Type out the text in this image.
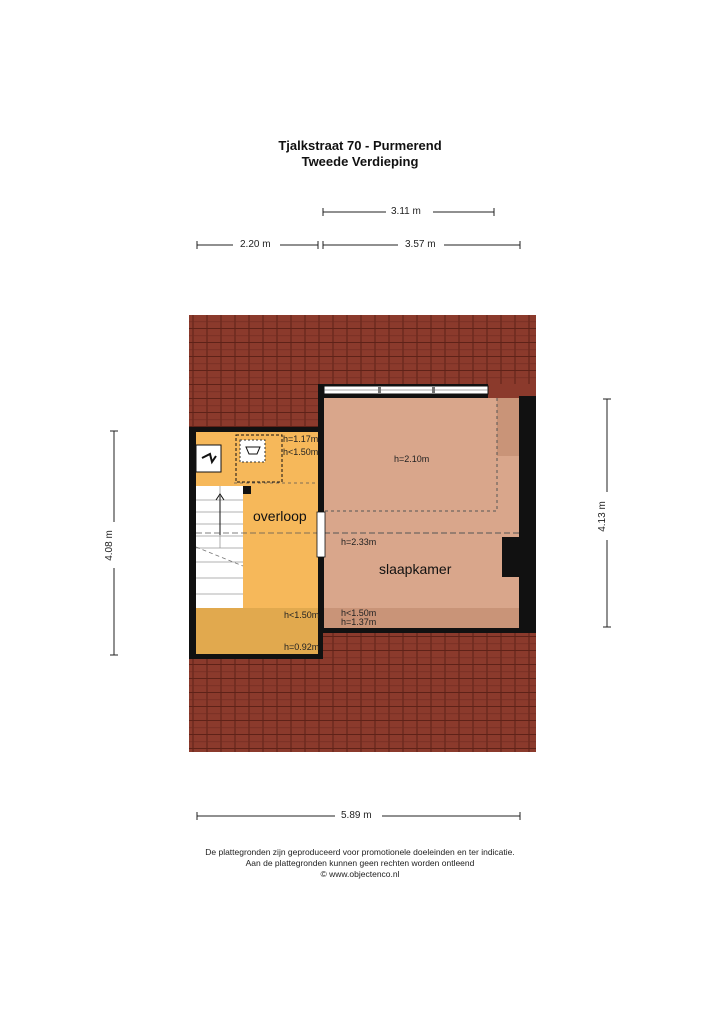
Tjalkstraat 70 - Purmerend
Tweede Verdieping
3.11 m
2.20 m	3.57 m
4.08 m
4.13 m
5.89 m
overloop
slaapkamer
h=1.17m
h<1.50m
h=2.10m
h=2.33m
h<1.50m
h=0.92m
h<1.50m
h=1.37m
De plattegronden zijn geproduceerd voor promotionele doeleinden en ter indicatie.
Aan de plattegronden kunnen geen rechten worden ontleend
© www.objectenco.nl
